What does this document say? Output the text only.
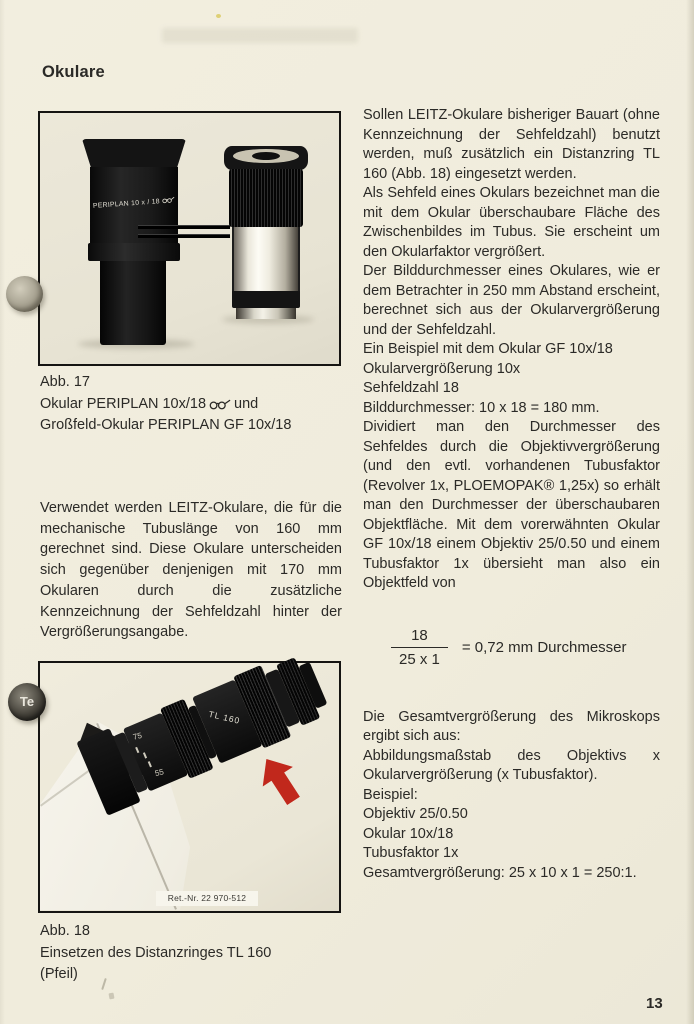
Okulare
PERIPLAN 10 x / 18
Abb. 17
Okular PERIPLAN 10x/18 und
Großfeld-Okular PERIPLAN GF 10x/18
Verwendet werden LEITZ-Okulare, die für die mechanische Tubuslänge von 160 mm gerechnet sind. Diese Okulare unterscheiden sich gegenüber denjenigen mit 170 mm Okularen durch die zusätzliche Kennzeichnung der Sehfeldzahl hinter der Vergrößerungsangabe.
75
55
TL 160
Ret.-Nr. 22 970-512
Te
Abb. 18
Einsetzen des Distanzringes TL 160
(Pfeil)

Sollen LEITZ-Okulare bisheriger Bauart (ohne Kennzeichnung der Sehfeldzahl) benutzt werden, muß zusätzlich ein Distanzring TL 160 (Abb. 18) eingesetzt werden.

Als Sehfeld eines Okulars bezeichnet man die mit dem Okular überschaubare Fläche des Zwischenbildes im Tubus. Sie erscheint um den Okularfaktor vergrößert.

Der Bilddurchmesser eines Okulares, wie er dem Betrachter in 250 mm Abstand erscheint, berechnet sich aus der Okularvergrößerung und der Sehfeldzahl.

Ein Beispiel mit dem Okular GF 10x/18

Okularvergrößerung 10x

Sehfeldzahl 18

Bilddurchmesser: 10 x 18 = 180 mm.

Dividiert man den Durchmesser des Sehfeldes durch die Objektivvergrößerung (und den evtl. vorhandenen Tubusfaktor (Revolver 1x, PLOEMOPAK® 1,25x) so erhält man den Durchmesser der überschaubaren Objektfläche. Mit dem vorerwähnten Okular GF 10x/18 einem Objektiv 25/0.50 und einem Tubusfaktor 1x übersieht man also ein Objektfeld von

$\frac{18}{25 x 1} = 0,72$ mm Durchmesser

Die Gesamtvergrößerung des Mikroskops ergibt sich aus:

Abbildungsmaßstab des Objektivs x Okularvergrößerung (x Tubusfaktor).

Beispiel:

Objektiv 25/0.50

Okular 10x/18

Tubusfaktor 1x

Gesamtvergrößerung: 25 x 10 x 1 = 250:1.

13
